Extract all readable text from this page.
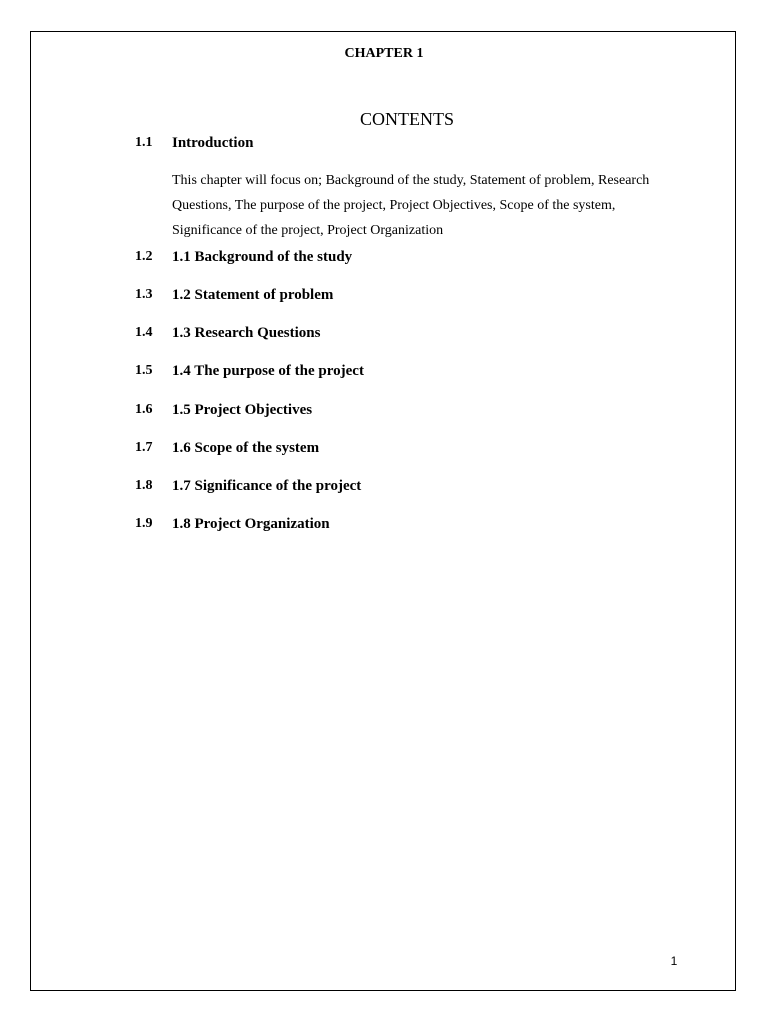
CHAPTER 1
CONTENTS
1.1 Introduction
This chapter will focus on; Background of the study, Statement of problem, Research Questions, The purpose of the project, Project Objectives, Scope of the system, Significance of the project, Project Organization
1.2 1.1 Background of the study
1.3 1.2 Statement of problem
1.4 1.3 Research Questions
1.5 1.4 The purpose of the project
1.6 1.5 Project Objectives
1.7 1.6 Scope of the system
1.8 1.7 Significance of the project
1.9 1.8 Project Organization
1
